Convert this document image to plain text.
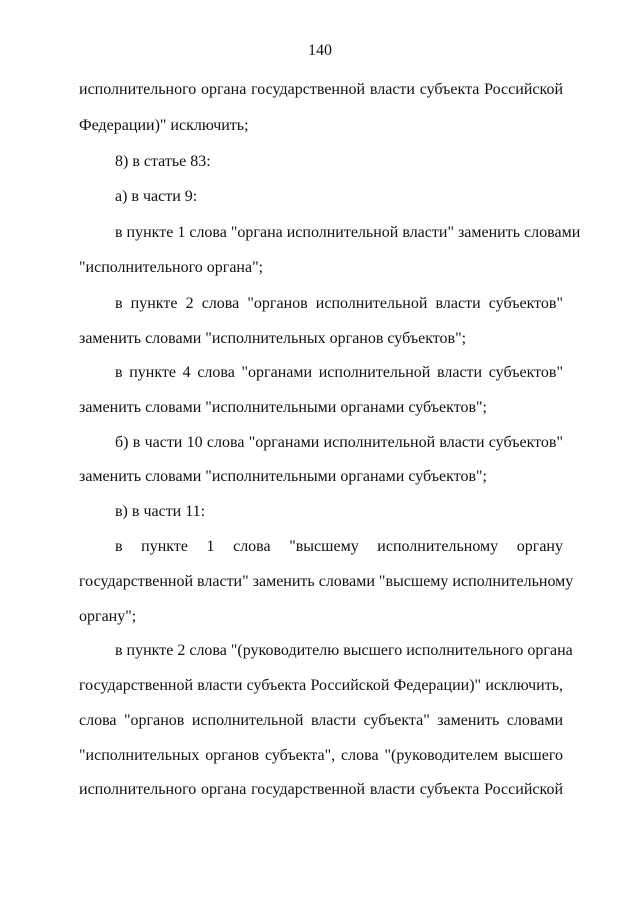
140
исполнительного органа государственной власти субъекта Российской
Федерации)" исключить;
8) в статье 83:
а) в части 9:
в пункте 1 слова "органа исполнительной власти" заменить словами
"исполнительного органа";
в пункте 2 слова "органов исполнительной власти субъектов"
заменить словами "исполнительных органов субъектов";
в пункте 4 слова "органами исполнительной власти субъектов"
заменить словами "исполнительными органами субъектов";
б) в части 10 слова "органами исполнительной власти субъектов"
заменить словами "исполнительными органами субъектов";
в) в части 11:
в пункте 1 слова "высшему исполнительному органу
государственной власти" заменить словами "высшему исполнительному
органу";
в пункте 2 слова "(руководителю высшего исполнительного органа
государственной власти субъекта Российской Федерации)" исключить,
слова "органов исполнительной власти субъекта" заменить словами
"исполнительных органов субъекта", слова "(руководителем высшего
исполнительного органа государственной власти субъекта Российской
